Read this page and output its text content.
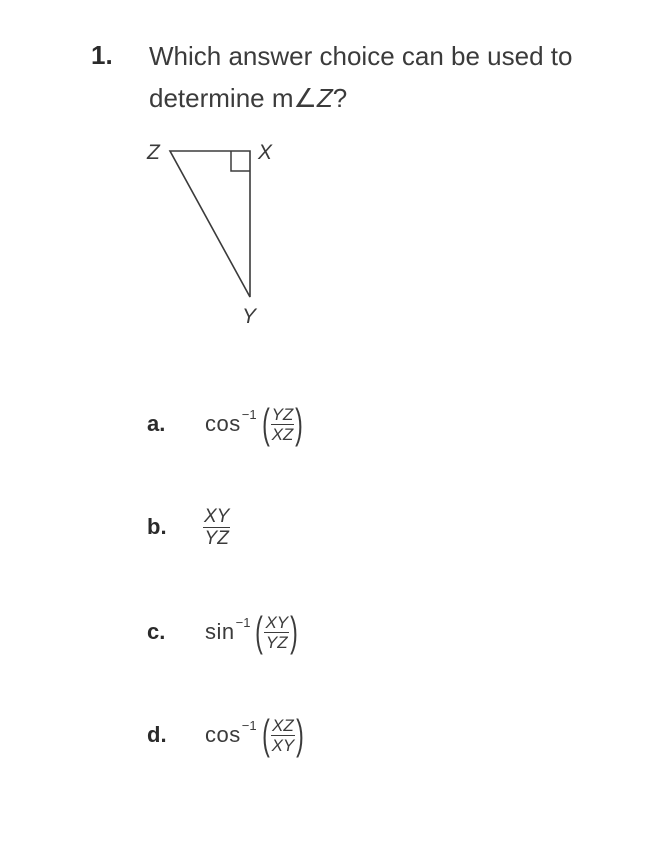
1. Which answer choice can be used to
determine m∠Z?
Z	X
Y
a.	cos −1 ( $\frac{YZ}{XZ}$ )
b.	$\frac{XY}{YZ}$
c.	sin −1 ( $\frac{XY}{YZ}$ )
d.	cos −1 ( $\frac{XZ}{XY}$ )
